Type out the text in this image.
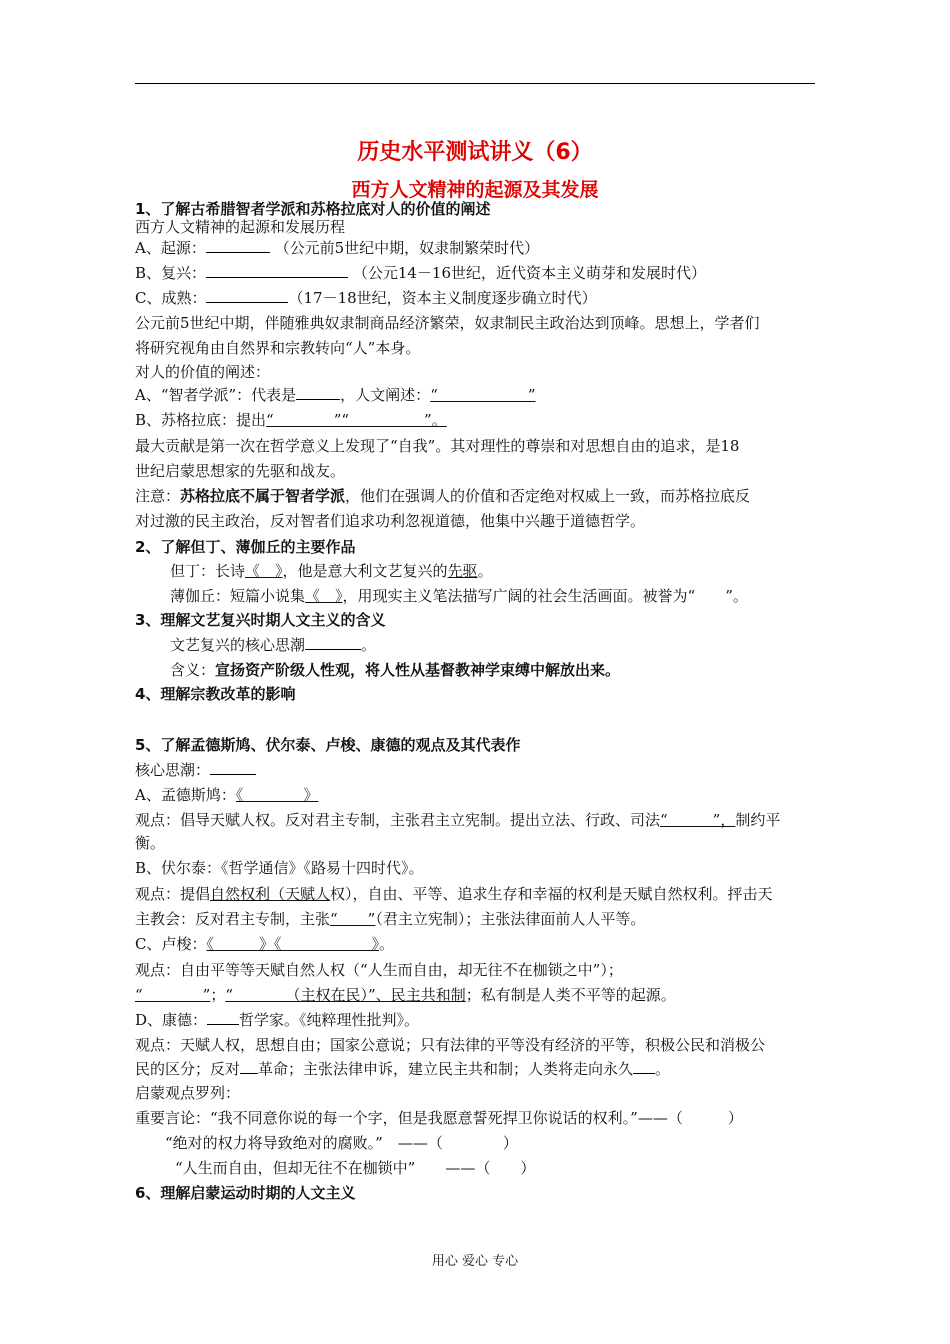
历史水平测试讲义（6）
西方人文精神的起源及其发展
1、了解古希腊智者学派和苏格拉底对人的价值的阐述
西方人文精神的起源和发展历程
A、起源：	（公元前5世纪中期，奴隶制繁荣时代）
B、复兴：	（公元14－16世纪，近代资本主义萌芽和发展时代）
C、成熟：	（17－18世纪，资本主义制度逐步确立时代）
公元前5世纪中期，伴随雅典奴隶制商品经济繁荣，奴隶制民主政治达到顶峰。思想上，学者们
将研究视角由自然界和宗教转向“人”本身。
对人的价值的阐述：
A、“智者学派”：代表是	，人文阐述：“　　　　　　”
B、苏格拉底：提出“　　　　”“　　　　　”。
最大贡献是第一次在哲学意义上发现了“自我”。其对理性的尊崇和对思想自由的追求，是18
世纪启蒙思想家的先驱和战友。
注意：苏格拉底不属于智者学派，他们在强调人的价值和否定绝对权威上一致，而苏格拉底反
对过激的民主政治，反对智者们追求功利忽视道德，他集中兴趣于道德哲学。
2、了解但丁、薄伽丘的主要作品
但丁：长诗《　》，他是意大利文艺复兴的先驱。
薄伽丘：短篇小说集《　》，用现实主义笔法描写广阔的社会生活画面。被誉为“　　”。
3、理解文艺复兴时期人文主义的含义
文艺复兴的核心思潮	。
含义：宣扬资产阶级人性观，将人性从基督教神学束缚中解放出来。
4、理解宗教改革的影响
5、了解孟德斯鸠、伏尔泰、卢梭、康德的观点及其代表作
核心思潮：
A、孟德斯鸠：《　　　　》
观点：倡导天赋人权。反对君主专制，主张君主立宪制。提出立法、行政、司法“　　　”，制约平
衡。
B、伏尔泰：《哲学通信》《路易十四时代》。
观点：提倡自然权利（天赋人权），自由、平等、追求生存和幸福的权利是天赋自然权利。抨击天
主教会：反对君主专制，主张“　　”（君主立宪制）；主张法律面前人人平等。
C、卢梭：《　　　》《　　　　　　》。
观点：自由平等等天赋自然人权（“人生而自由，却无往不在枷锁之中”）；
“　　　　”；“　　　　（主权在民）”、民主共和制；私有制是人类不平等的起源。
D、康德： 哲学家。《纯粹理性批判》。
观点：天赋人权，思想自由；国家公意说；只有法律的平等没有经济的平等，积极公民和消极公
民的区分；反对 革命；主张法律申诉，建立民主共和制；人类将走向永久 。
启蒙观点罗列：
重要言论：“我不同意你说的每一个字，但是我愿意誓死捍卫你说话的权利。”——（　　　）
“绝对的权力将导致绝对的腐败。”　——（　　　　）
“人生而自由，但却无往不在枷锁中”　　——（　　）
6、理解启蒙运动时期的人文主义
用心 爱心 专心
